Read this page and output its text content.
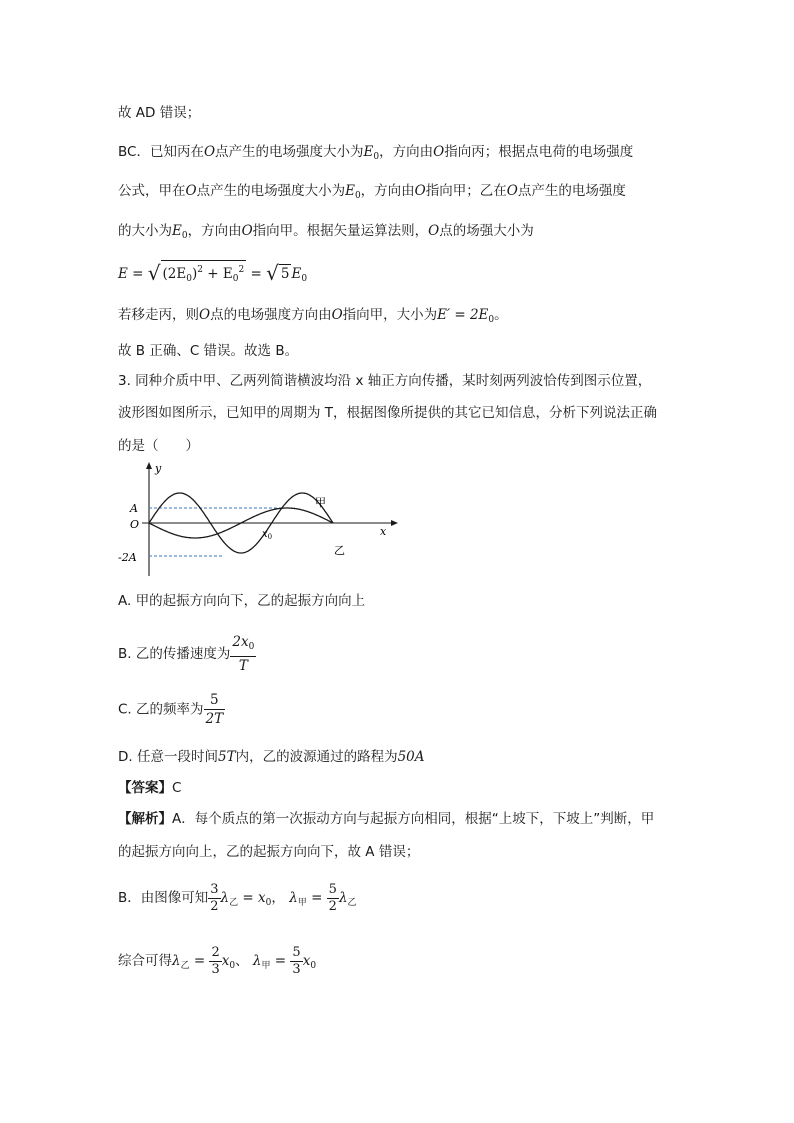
故 AD 错误；
BC．已知丙在O点产生的电场强度大小为$E_0$，方向由O指向丙；根据点电荷的电场强度
公式，甲在O点产生的电场强度大小为$E_0$，方向由O指向甲；乙在O点产生的电场强度
的大小为$E_0$，方向由O指向甲。根据矢量运算法则，O点的场强大小为
E = √ $(2E_0)^2 + E_0^2$ = √ 5 $E_0$
若移走丙，则O点的电场强度方向由O指向甲，大小为$E' = 2E_0$。
故 B 正确、C 错误。故选 B。
3. 同种介质中甲、乙两列简谐横波均沿 x 轴正方向传播，某时刻两列波恰传到图示位置，
波形图如图所示，已知甲的周期为 T，根据图像所提供的其它已知信息，分析下列说法正确
的是（　　）
y
x
A
O
-2A
$x_0$
甲
乙
A. 甲的起振方向向下，乙的起振方向向上
B. 乙的传播速度为 $\frac{2x_0}{T}$
C. 乙的频率为 $\frac{5}{2T}$
D. 任意一段时间5T内，乙的波源通过的路程为50A
【答案】C
【解析】A．每个质点的第一次振动方向与起振方向相同，根据“上坡下，下坡上”判断，甲
的起振方向向上，乙的起振方向向下，故 A 错误；
B．由图像可知 $\frac{3}{2} \lambda_乙 = x_0$， $\lambda_甲 = \frac{5}{2} \lambda_乙$
综合可得$\lambda_乙 = \frac{2}{3} x_0$、 $\lambda_甲 = \frac{5}{3} x_0$
